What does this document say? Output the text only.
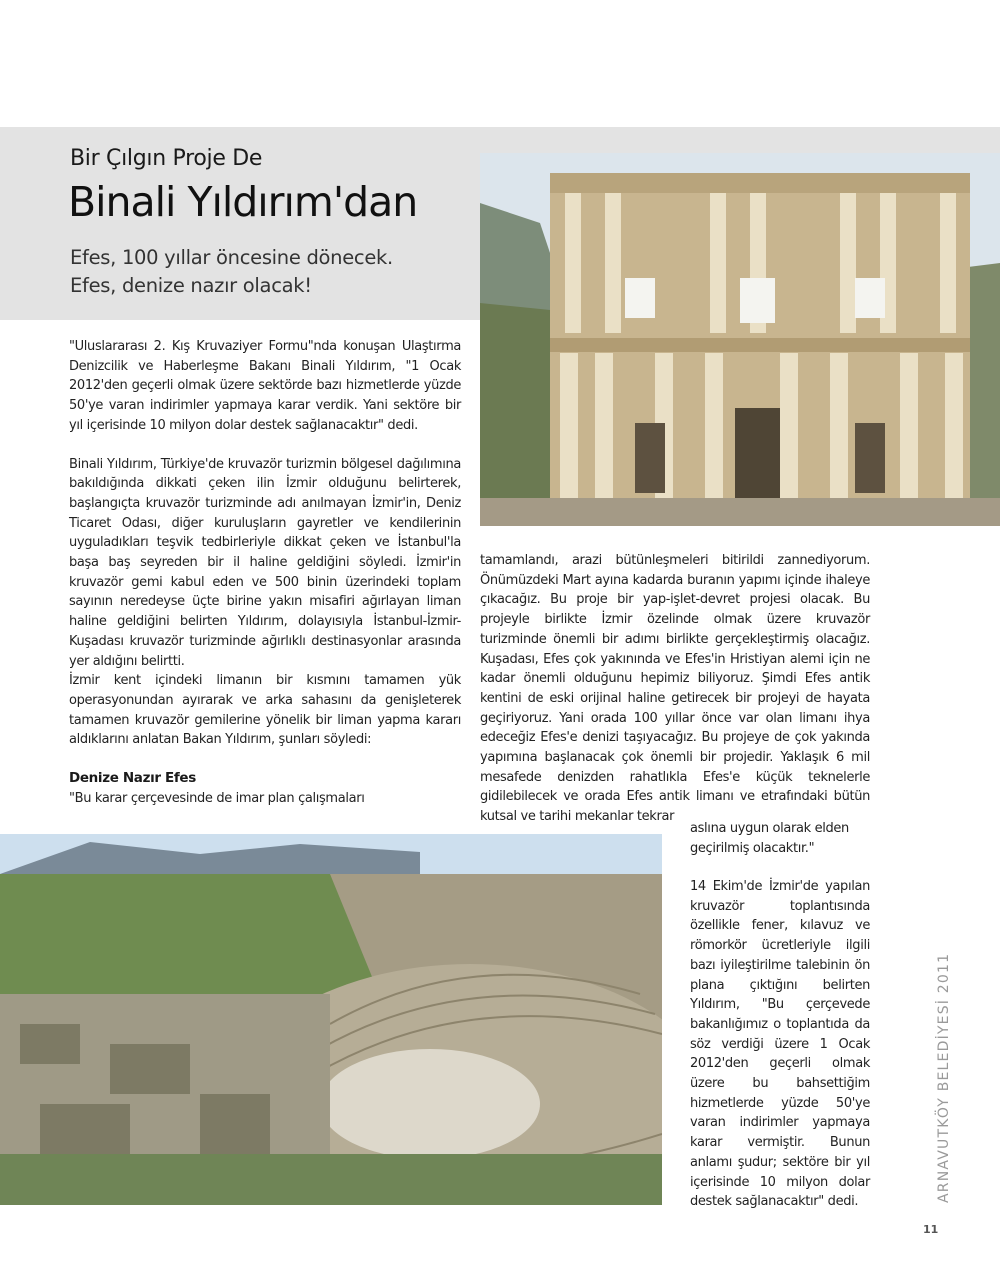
Bir Çılgın Proje De
Binali Yıldırım'dan
Efes, 100 yıllar öncesine dönecek.
Efes, denize nazır olacak!

"Uluslararası 2. Kış Kruvaziyer Formu"nda konuşan Ulaştırma Denizcilik ve Haberleşme Bakanı Binali Yıldırım, "1 Ocak 2012'den geçerli olmak üzere sektörde bazı hizmetlerde yüzde 50'ye varan indirimler yapmaya karar verdik. Yani sektöre bir yıl içerisinde 10 milyon dolar destek sağlanacaktır" dedi.

Binali Yıldırım, Türkiye'de kruvazör turizmin bölgesel dağılımına bakıldığında dikkati çeken ilin İzmir olduğunu belirterek, başlangıçta kruvazör turizminde adı anılmayan İzmir'in, Deniz Ticaret Odası, diğer kuruluşların gayretler ve kendilerinin uyguladıkları teşvik tedbirleriyle dikkat çeken ve İstanbul'la başa baş seyreden bir il haline geldiğini söyledi. İzmir'in kruvazör gemi kabul eden ve 500 binin üzerindeki toplam sayının neredeyse üçte birine yakın misafiri ağırlayan liman haline geldiğini belirten Yıldırım, dolayısıyla İstanbul-İzmir-Kuşadası kruvazör turizminde ağırlıklı destinasyonlar arasında yer aldığını belirtti.

İzmir kent içindeki limanın bir kısmını tamamen yük operasyonundan ayırarak ve arka sahasını da genişleterek tamamen kruvazör gemilerine yönelik bir liman yapma kararı aldıklarını anlatan Bakan Yıldırım, şunları söyledi:

Denize Nazır Efes

"Bu karar çerçevesinde de imar plan çalışmaları

tamamlandı, arazi bütünleşmeleri bitirildi zannediyorum. Önümüzdeki Mart ayına kadarda buranın yapımı içinde ihaleye çıkacağız. Bu proje bir yap-işlet-devret projesi olacak. Bu projeyle birlikte İzmir özelinde olmak üzere kruvazör turizminde önemli bir adımı birlikte gerçekleştirmiş olacağız. Kuşadası, Efes çok yakınında ve Efes'in Hristiyan alemi için ne kadar önemli olduğunu hepimiz biliyoruz. Şimdi Efes antik kentini de eski orijinal haline getirecek bir projeyi de hayata geçiriyoruz. Yani orada 100 yıllar önce var olan limanı ihya edeceğiz Efes'e denizi taşıyacağız. Bu projeye de çok yakında yapımına başlanacak çok önemli bir projedir. Yaklaşık 6 mil mesafede denizden rahatlıkla Efes'e küçük teknelerle gidilebilecek ve orada Efes antik limanı ve etrafındaki bütün kutsal ve tarihi mekanlar tekrar

aslına uygun olarak elden geçirilmiş olacaktır."

14 Ekim'de İzmir'de yapılan kruvazör toplantısında özellikle fener, kılavuz ve römorkör ücretleriyle ilgili bazı iyileştirilme talebinin ön plana çıktığını belirten Yıldırım, "Bu çerçevede bakanlığımız o toplantıda da söz verdiği üzere 1 Ocak 2012'den geçerli olmak üzere bu bahsettiğim hizmetlerde yüzde 50'ye varan indirimler yapmaya karar vermiştir. Bunun anlamı şudur; sektöre bir yıl içerisinde 10 milyon dolar destek sağlanacaktır" dedi.	ARNAVUTKÖY BELEDİYESİ 2011
11
